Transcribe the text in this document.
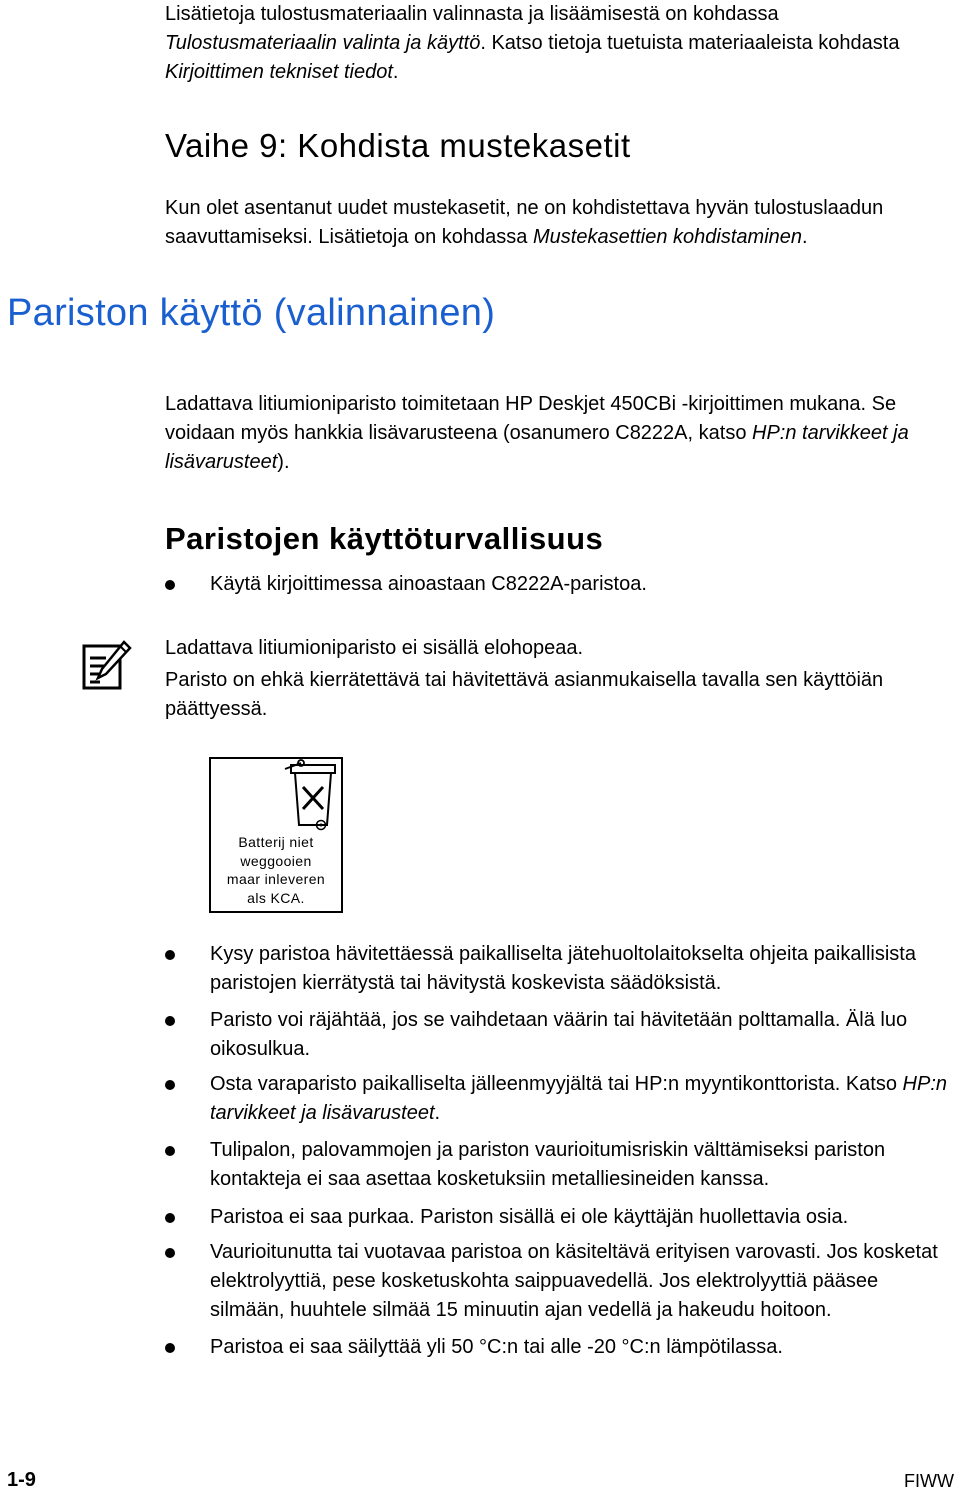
Lisätietoja tulostusmateriaalin valinnasta ja lisäämisestä on kohdassa Tulostusmateriaalin valinta ja käyttö. Katso tietoja tuetuista materiaaleista kohdasta Kirjoittimen tekniset tiedot.

Vaihe 9: Kohdista mustekasetit

Kun olet asentanut uudet mustekasetit, ne on kohdistettava hyvän tulostuslaadun saavuttamiseksi. Lisätietoja on kohdassa Mustekasettien kohdistaminen.

Pariston käyttö (valinnainen)

Ladattava litiumioniparisto toimitetaan HP Deskjet 450CBi -kirjoittimen mukana. Se voidaan myös hankkia lisävarusteena (osanumero C8222A, katso HP:n tarvikkeet ja lisävarusteet).

Paristojen käyttöturvallisuus
Käytä kirjoittimessa ainoastaan C8222A-paristoa.

Ladattava litiumioniparisto ei sisällä elohopeaa.

Paristo on ehkä kierrätettävä tai hävitettävä asianmukaisella tavalla sen käyttöiän päättyessä.

Batterij niet
weggooien
maar inleveren
als KCA.
Kysy paristoa hävitettäessä paikalliselta jätehuoltolaitokselta ohjeita paikallisista paristojen kierrätystä tai hävitystä koskevista säädöksistä.
Paristo voi räjähtää, jos se vaihdetaan väärin tai hävitetään polttamalla. Älä luo oikosulkua.
Osta varaparisto paikalliselta jälleenmyyjältä tai HP:n myyntikonttorista. Katso HP:n tarvikkeet ja lisävarusteet.
Tulipalon, palovammojen ja pariston vaurioitumisriskin välttämiseksi pariston kontakteja ei saa asettaa kosketuksiin metalliesineiden kanssa.
Paristoa ei saa purkaa. Pariston sisällä ei ole käyttäjän huollettavia osia.
Vaurioitunutta tai vuotavaa paristoa on käsiteltävä erityisen varovasti. Jos kosketat elektrolyyttiä, pese kosketuskohta saippuavedellä. Jos elektrolyyttiä pääsee silmään, huuhtele silmää 15 minuutin ajan vedellä ja hakeudu hoitoon.
Paristoa ei saa säilyttää yli 50 °C:n tai alle -20 °C:n lämpötilassa.
1-9	FIWW
